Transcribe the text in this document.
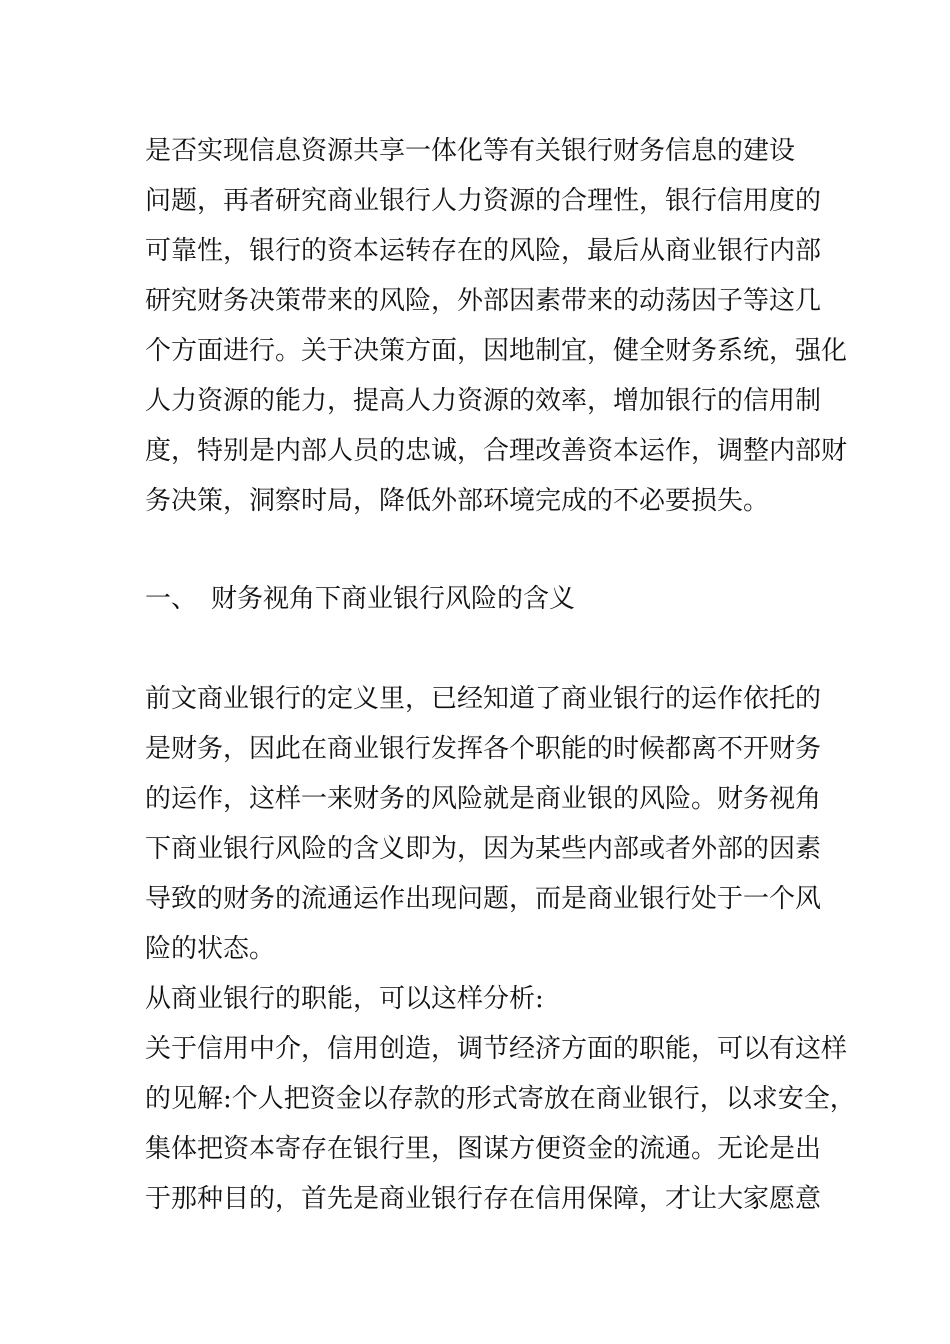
是否实现信息资源共享一体化等有关银行财务信息的建设
问题，再者研究商业银行人力资源的合理性，银行信用度的
可靠性，银行的资本运转存在的风险，最后从商业银行内部
研究财务决策带来的风险，外部因素带来的动荡因子等这几
个方面进行。关于决策方面，因地制宜，健全财务系统，强化
人力资源的能力，提高人力资源的效率，增加银行的信用制
度，特别是内部人员的忠诚，合理改善资本运作，调整内部财
务决策，洞察时局，降低外部环境完成的不必要损失。
一、 财务视角下商业银行风险的含义
前文商业银行的定义里，已经知道了商业银行的运作依托的
是财务，因此在商业银行发挥各个职能的时候都离不开财务
的运作，这样一来财务的风险就是商业银的风险。财务视角
下商业银行风险的含义即为，因为某些内部或者外部的因素
导致的财务的流通运作出现问题，而是商业银行处于一个风
险的状态。
从商业银行的职能，可以这样分析:
关于信用中介，信用创造，调节经济方面的职能，可以有这样
的见解:个人把资金以存款的形式寄放在商业银行，以求安全，
集体把资本寄存在银行里，图谋方便资金的流通。无论是出
于那种目的，首先是商业银行存在信用保障，才让大家愿意
